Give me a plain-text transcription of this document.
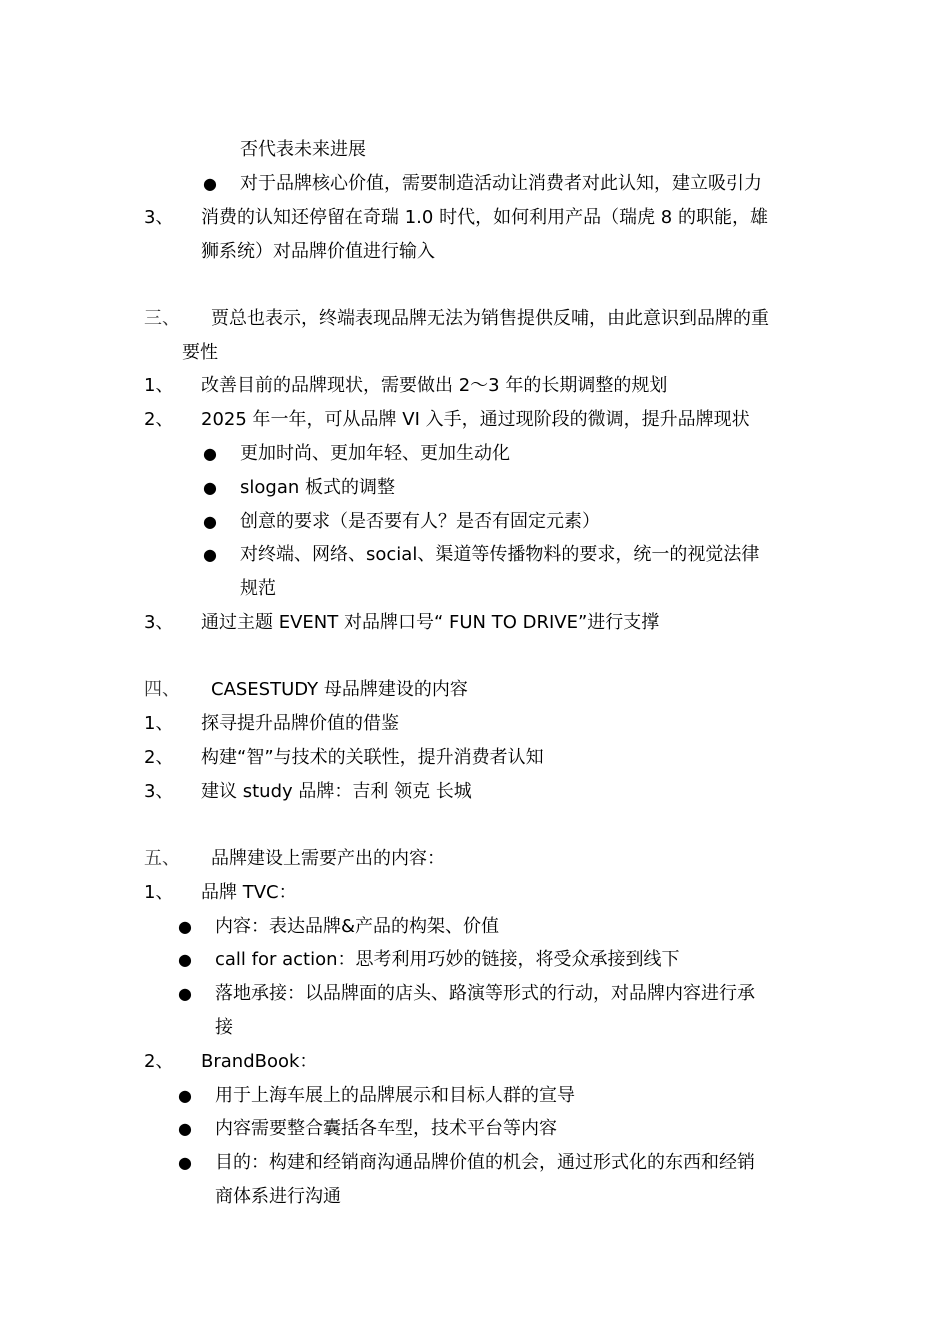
否代表未来进展
● 对于品牌核心价值，需要制造活动让消费者对此认知，建立吸引力
3、 消费的认知还停留在奇瑞 1.0 时代，如何利用产品（瑞虎 8 的职能，雄
狮系统）对品牌价值进行输入
三、 贾总也表示，终端表现品牌无法为销售提供反哺，由此意识到品牌的重
要性
1、 改善目前的品牌现状，需要做出 2～3 年的长期调整的规划
2、 2025 年一年，可从品牌 VI 入手，通过现阶段的微调，提升品牌现状
● 更加时尚、更加年轻、更加生动化
● slogan 板式的调整
● 创意的要求（是否要有人？是否有固定元素）
● 对终端、网络、social、渠道等传播物料的要求，统一的视觉法律
规范
3、 通过主题 EVENT 对品牌口号“ FUN TO DRIVE”进行支撑
四、 CASESTUDY 母品牌建设的内容
1、 探寻提升品牌价值的借鉴
2、 构建“智”与技术的关联性，提升消费者认知
3、 建议 study 品牌：吉利 领克 长城
五、 品牌建设上需要产出的内容：
1、 品牌 TVC：
● 内容：表达品牌&产品的构架、价值
● call for action：思考利用巧妙的链接，将受众承接到线下
● 落地承接：以品牌面的店头、路演等形式的行动，对品牌内容进行承
接
2、 BrandBook：
● 用于上海车展上的品牌展示和目标人群的宣导
● 内容需要整合囊括各车型，技术平台等内容
● 目的：构建和经销商沟通品牌价值的机会，通过形式化的东西和经销
商体系进行沟通
